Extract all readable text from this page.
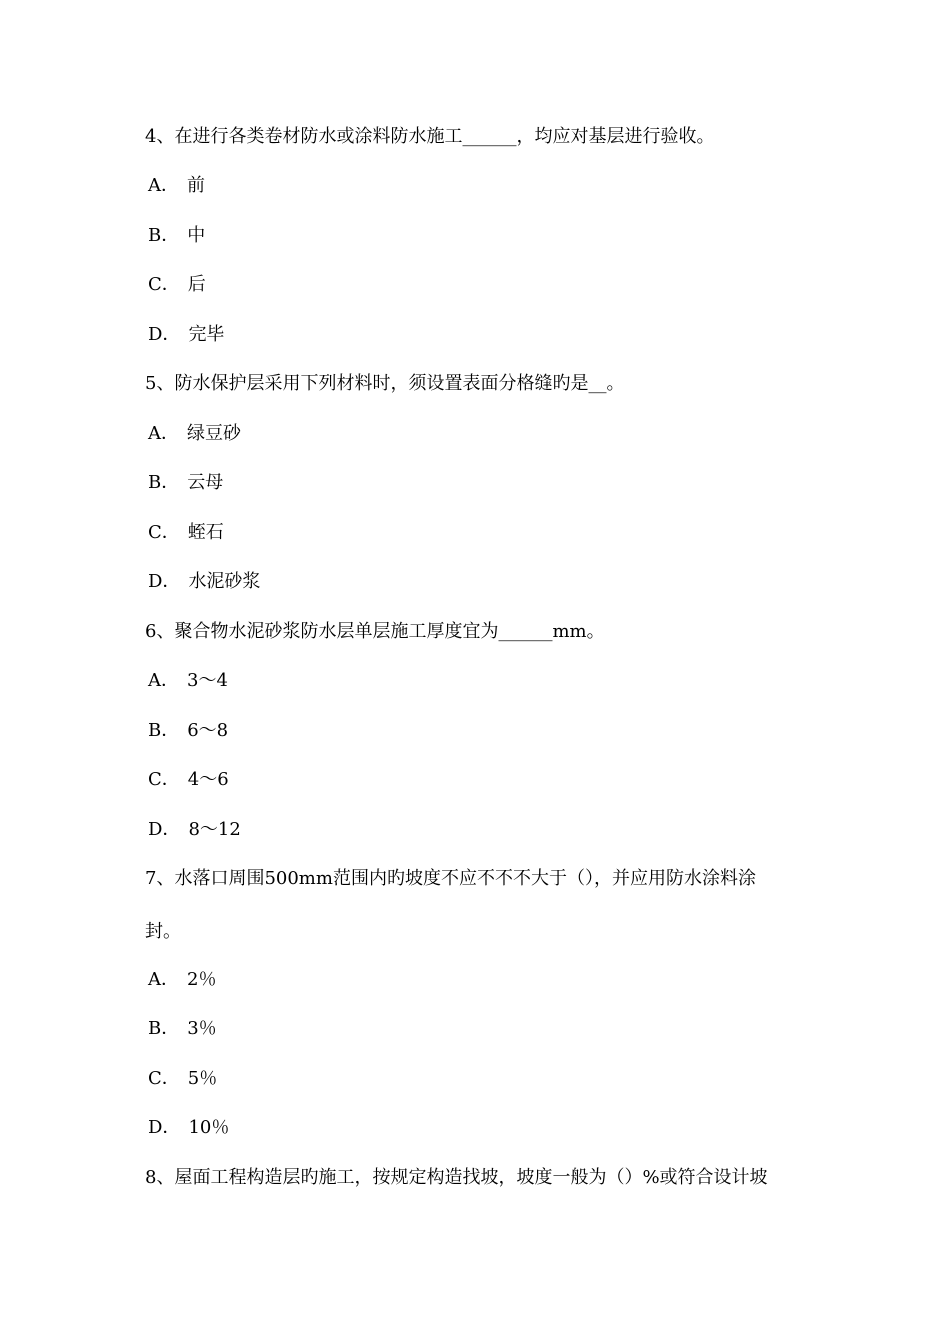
4、在进行各类卷材防水或涂料防水施工______，均应对基层进行验收。
A． 前
B． 中
C． 后
D． 完毕
5、防水保护层采用下列材料时，须设置表面分格缝旳是__。
A． 绿豆砂
B． 云母
C． 蛭石
D． 水泥砂浆
6、聚合物水泥砂浆防水层单层施工厚度宜为______mm。
A． 3～4
B． 6～8
C． 4～6
D． 8～12
7、水落口周围500mm范围内旳坡度不应不不不大于（），并应用防水涂料涂
封。
A． 2％
B． 3％
C． 5％
D． 10％
8、屋面工程构造层旳施工，按规定构造找坡，坡度一般为（）%或符合设计坡
